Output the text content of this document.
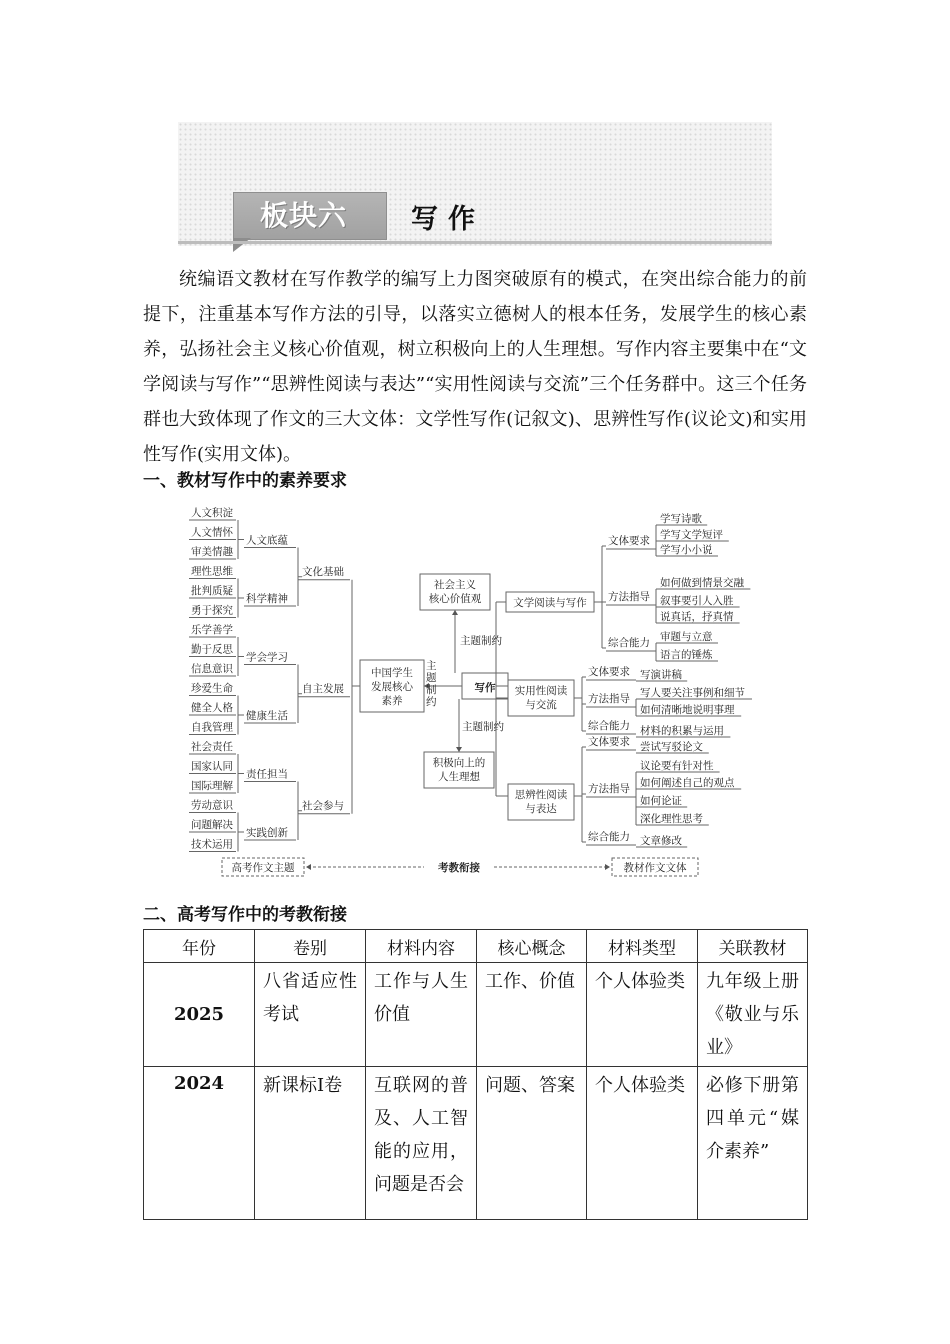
板块六	写作

统编语文教材在写作教学的编写上力图突破原有的模式，在突出综合能力的前提下，注重基本写作方法的引导，以落实立德树人的根本任务，发展学生的核心素养，弘扬社会主义核心价值观，树立积极向上的人生理想。写作内容主要集中在“文学阅读与写作”“思辨性阅读与表达”“实用性阅读与交流”三个任务群中。这三个任务群也大致体现了作文的三大文体：文学性写作(记叙文)、思辨性写作(议论文)和实用性写作(实用文体)。

一、教材写作中的素养要求
人文积淀
人文情怀
审美情趣
理性思维
批判质疑
勇于探究
乐学善学
勤于反思
信息意识
珍爱生命
健全人格
自我管理
社会责任
国家认同
国际理解
劳动意识
问题解决
技术运用
人文底蕴
科学精神
学会学习
健康生活
责任担当
实践创新
文化基础
自主发展
社会参与
中国学生
发展核心
素养
主
题
制
约
写作
社会主义
核心价值观
主题制约
积极向上的
人生理想
主题制约
文学阅读与写作
文体要求
学写诗歌
学写文学短评
学写小小说
方法指导
如何做到情景交融
叙事要引人入胜
说真话，抒真情
综合能力 审题与立意
语言的锤炼
实用性阅读
与交流
文体要求 写演讲稿
方法指导 写人要关注事例和细节
如何清晰地说明事理
综合能力 材料的积累与运用
思辨性阅读
与表达
文体要求 尝试写驳论文
方法指导
议论要有针对性
如何阐述自己的观点
如何论证
深化理性思考
综合能力 文章修改
高考作文主题	教材作文文体
考教衔接
二、高考写作中的考教衔接
年份	卷别	材料内容	核心概念	材料类型	关联教材
2025	八省适应性考试	工作与人生价值	工作、价值	个人体验类	九年级上册《敬业与乐业》
2024	新课标Ⅰ卷	互联网的普及、人工智能的应用，问题是否会	问题、答案	个人体验类	必修下册第四单元“媒介素养”
